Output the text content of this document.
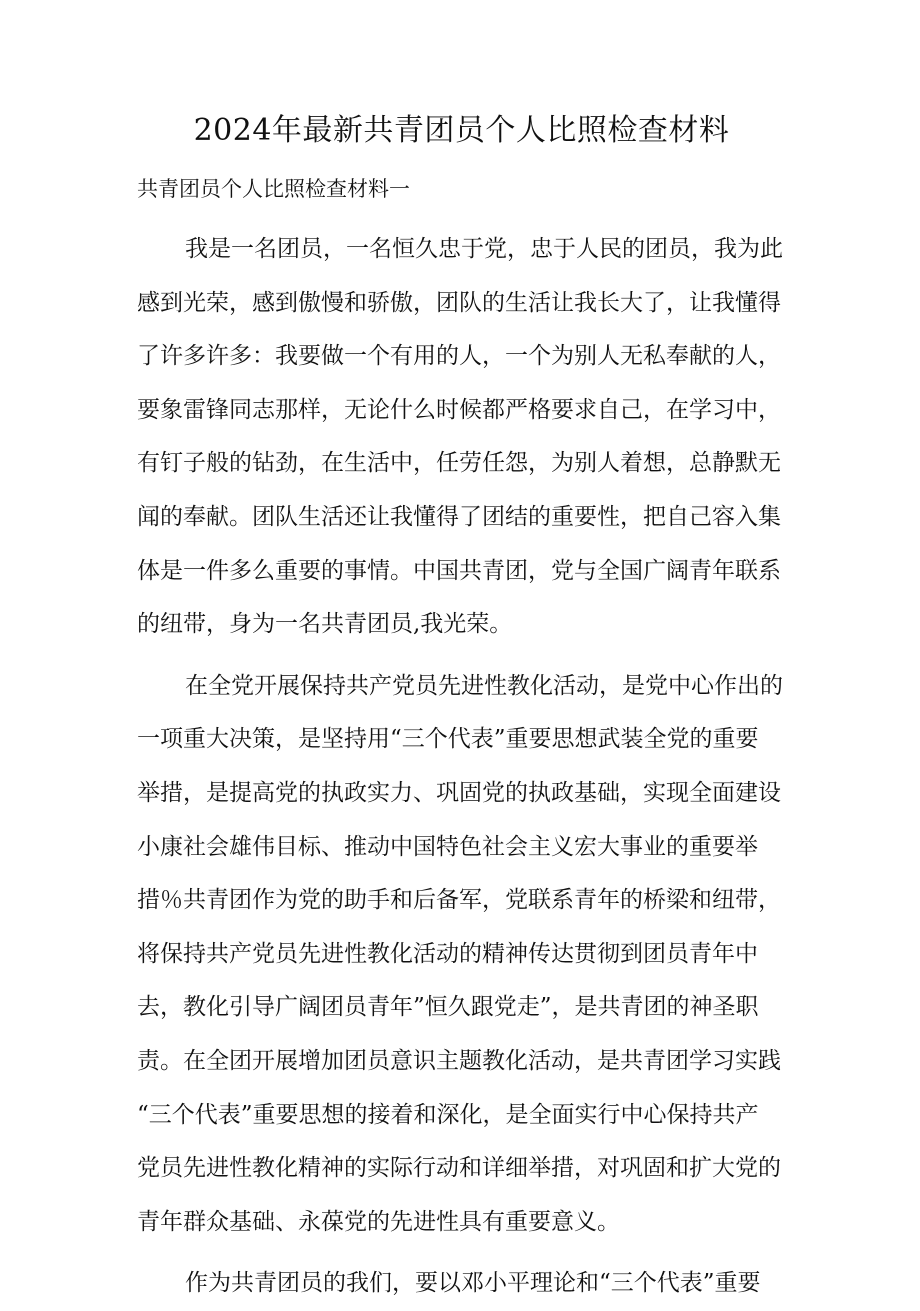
2024年最新共青团员个人比照检查材料

共青团员个人比照检查材料一

我是一名团员，一名恒久忠于党，忠于人民的团员，我为此
感到光荣，感到傲慢和骄傲，团队的生活让我长大了，让我懂得
了许多许多：我要做一个有用的人，一个为别人无私奉献的人，
要象雷锋同志那样，无论什么时候都严格要求自己，在学习中，
有钉子般的钻劲，在生活中，任劳任怨，为别人着想，总静默无
闻的奉献。团队生活还让我懂得了团结的重要性，把自己容入集
体是一件多么重要的事情。中国共青团，党与全国广阔青年联系
的纽带，身为一名共青团员,我光荣。
在全党开展保持共产党员先进性教化活动，是党中心作出的
一项重大决策，是坚持用“三个代表”重要思想武装全党的重要
举措，是提高党的执政实力、巩固党的执政基础，实现全面建设
小康社会雄伟目标、推动中国特色社会主义宏大事业的重要举
措％共青团作为党的助手和后备军，党联系青年的桥梁和纽带，
将保持共产党员先进性教化活动的精神传达贯彻到团员青年中
去，教化引导广阔团员青年”恒久跟党走”，是共青团的神圣职
责。在全团开展增加团员意识主题教化活动，是共青团学习实践
“三个代表”重要思想的接着和深化，是全面实行中心保持共产
党员先进性教化精神的实际行动和详细举措，对巩固和扩大党的
青年群众基础、永葆党的先进性具有重要意义。
作为共青团员的我们，要以邓小平理论和“三个代表”重要
